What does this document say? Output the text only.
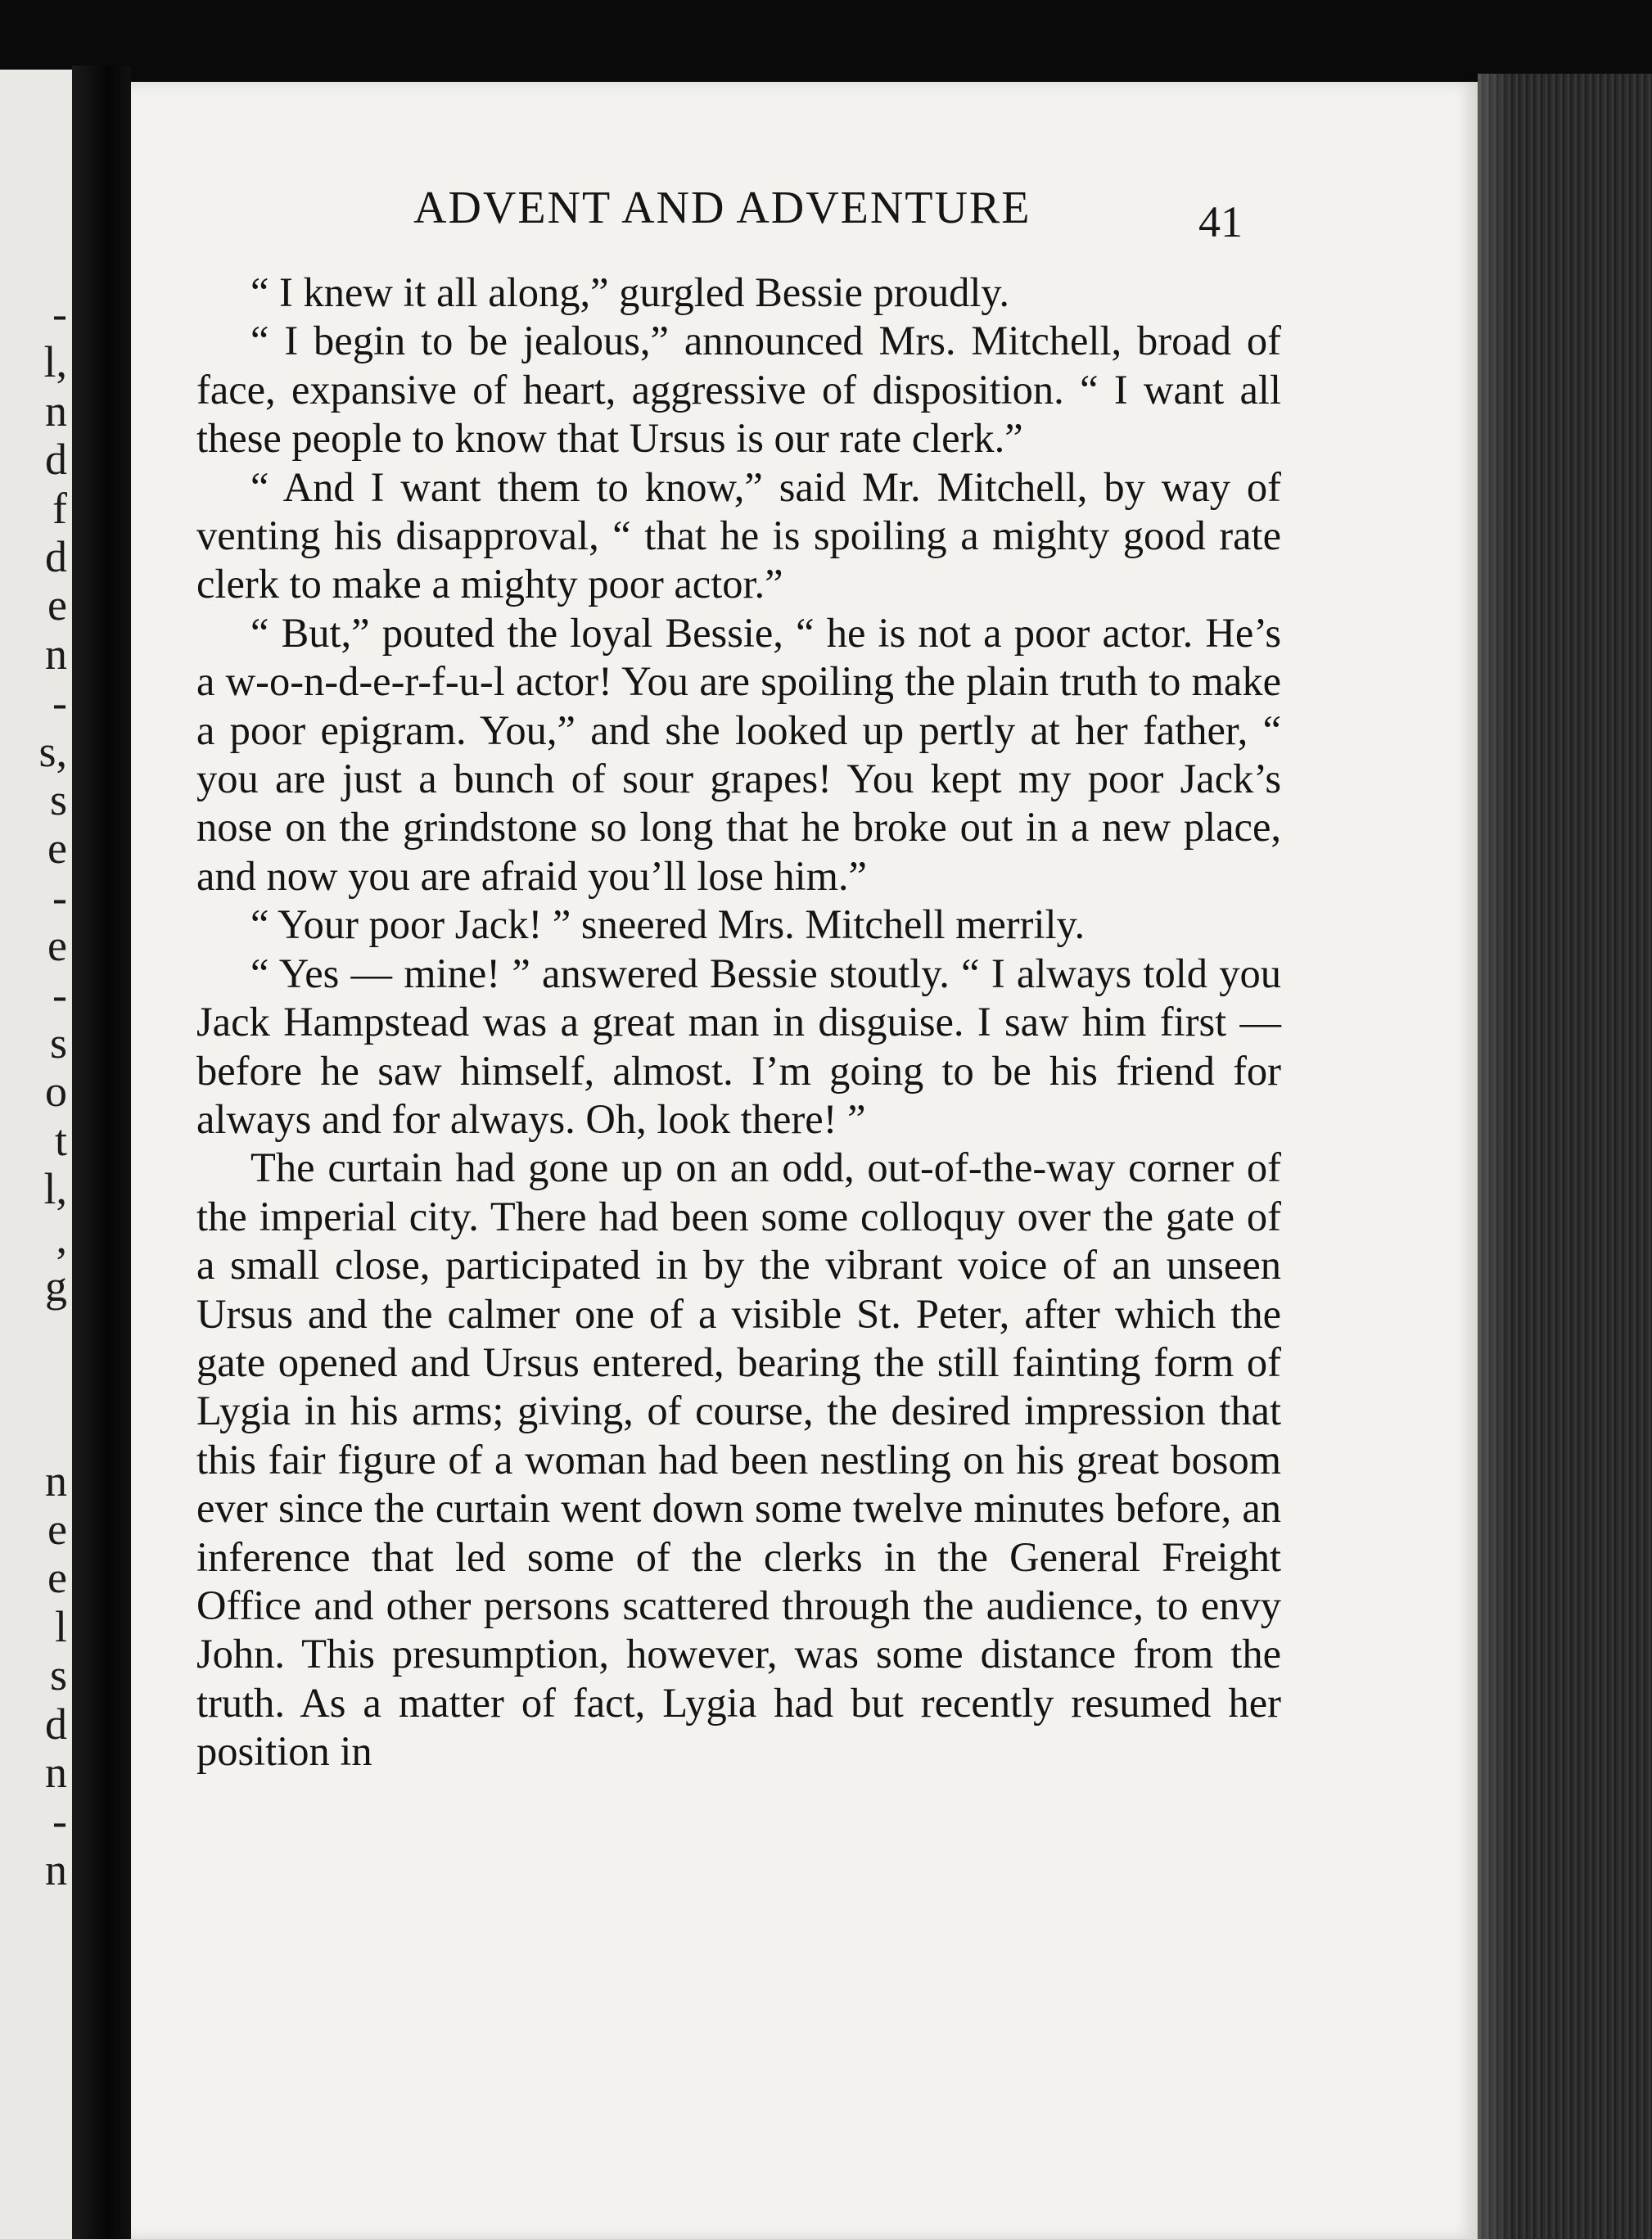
-
l,
n
d
f
d
e
n
-
s,
s
e
-
e
-
s
o
t
l,
,
g
n
e
e
l
s
d
n
-
n
ADVENT AND ADVENTURE	41

“ I knew it all along,” gurgled Bessie proudly.

“ I begin to be jealous,” announced Mrs. Mitchell, broad of face, expansive of heart, aggressive of disposition. “ I want all these people to know that Ursus is our rate clerk.”

“ And I want them to know,” said Mr. Mitchell, by way of venting his disapproval, “ that he is spoiling a mighty good rate clerk to make a mighty poor actor.”

“ But,” pouted the loyal Bessie, “ he is not a poor actor. He’s a w-o-n-d-e-r-f-u-l actor! You are spoiling the plain truth to make a poor epigram. You,” and she looked up pertly at her father, “ you are just a bunch of sour grapes! You kept my poor Jack’s nose on the grindstone so long that he broke out in a new place, and now you are afraid you’ll lose him.”

“ Your poor Jack! ” sneered Mrs. Mitchell merrily.

“ Yes — mine! ” answered Bessie stoutly. “ I always told you Jack Hampstead was a great man in disguise. I saw him first — before he saw himself, almost. I’m going to be his friend for always and for always. Oh, look there! ”

The curtain had gone up on an odd, out-of-the-way corner of the imperial city. There had been some colloquy over the gate of a small close, participated in by the vibrant voice of an unseen Ursus and the calmer one of a visible St. Peter, after which the gate opened and Ursus entered, bearing the still fainting form of Lygia in his arms; giving, of course, the desired impression that this fair figure of a woman had been nestling on his great bosom ever since the curtain went down some twelve minutes before, an inference that led some of the clerks in the General Freight Office and other persons scattered through the audience, to envy John. This presumption, however, was some distance from the truth. As a matter of fact, Lygia had but recently resumed her position in
